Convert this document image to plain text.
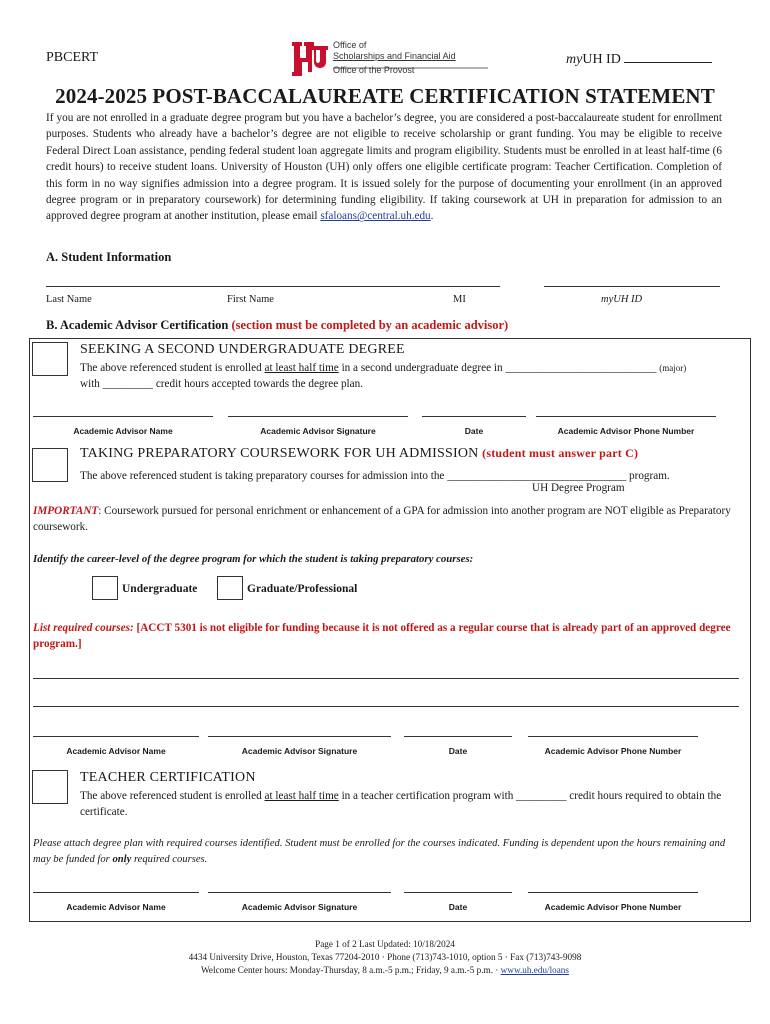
PBCERT
Office of
Scholarships and Financial Aid
Office of the Provost
myUH ID
2024-2025 POST-BACCALAUREATE CERTIFICATION STATEMENT
If you are not enrolled in a graduate degree program but you have a bachelor’s degree, you are considered a post-baccalaureate student for enrollment purposes. Students who already have a bachelor’s degree are not eligible to receive scholarship or grant funding. You may be eligible to receive Federal Direct Loan assistance, pending federal student loan aggregate limits and program eligibility. Students must be enrolled in at least half-time (6 credit hours) to receive student loans. University of Houston (UH) only offers one eligible certificate program: Teacher Certification. Completion of this form in no way signifies admission into a degree program. It is issued solely for the purpose of documenting your enrollment (in an approved degree program or in preparatory coursework) for determining funding eligibility. If taking coursework at UH in preparation for admission to an approved degree program at another institution, please email sfaloans@central.uh.edu.
A. Student Information
Last Name	First Name	MI	myUH ID
B. Academic Advisor Certification (section must be completed by an academic advisor)
SEEKING A SECOND UNDERGRADUATE DEGREE
The above referenced student is enrolled at least half time in a second undergraduate degree in ___________________________ (major)
with _________ credit hours accepted towards the degree plan.
Academic Advisor Name	Academic Advisor Signature	Date	Academic Advisor Phone Number
TAKING PREPARATORY COURSEWORK FOR UH ADMISSION (student must answer part C)
The above referenced student is taking preparatory courses for admission into the ________________________________ program.
UH Degree Program
IMPORTANT: Coursework pursued for personal enrichment or enhancement of a GPA for admission into another program are NOT eligible as Preparatory coursework.
Identify the career-level of the degree program for which the student is taking preparatory courses:
Undergraduate	Graduate/Professional
List required courses: [ACCT 5301 is not eligible for funding because it is not offered as a regular course that is already part of an approved degree program.]
Academic Advisor Name	Academic Advisor Signature	Date	Academic Advisor Phone Number
TEACHER CERTIFICATION
The above referenced student is enrolled at least half time in a teacher certification program with _________ credit hours required to obtain the certificate.
Please attach degree plan with required courses identified. Student must be enrolled for the courses indicated. Funding is dependent upon the hours remaining and may be funded for only required courses.
Academic Advisor Name	Academic Advisor Signature	Date	Academic Advisor Phone Number
Page 1 of 2 Last Updated: 10/18/2024
4434 University Drive, Houston, Texas 77204-2010 · Phone (713)743-1010, option 5 · Fax (713)743-9098
Welcome Center hours: Monday-Thursday, 8 a.m.-5 p.m.; Friday, 9 a.m.-5 p.m. · www.uh.edu/loans
